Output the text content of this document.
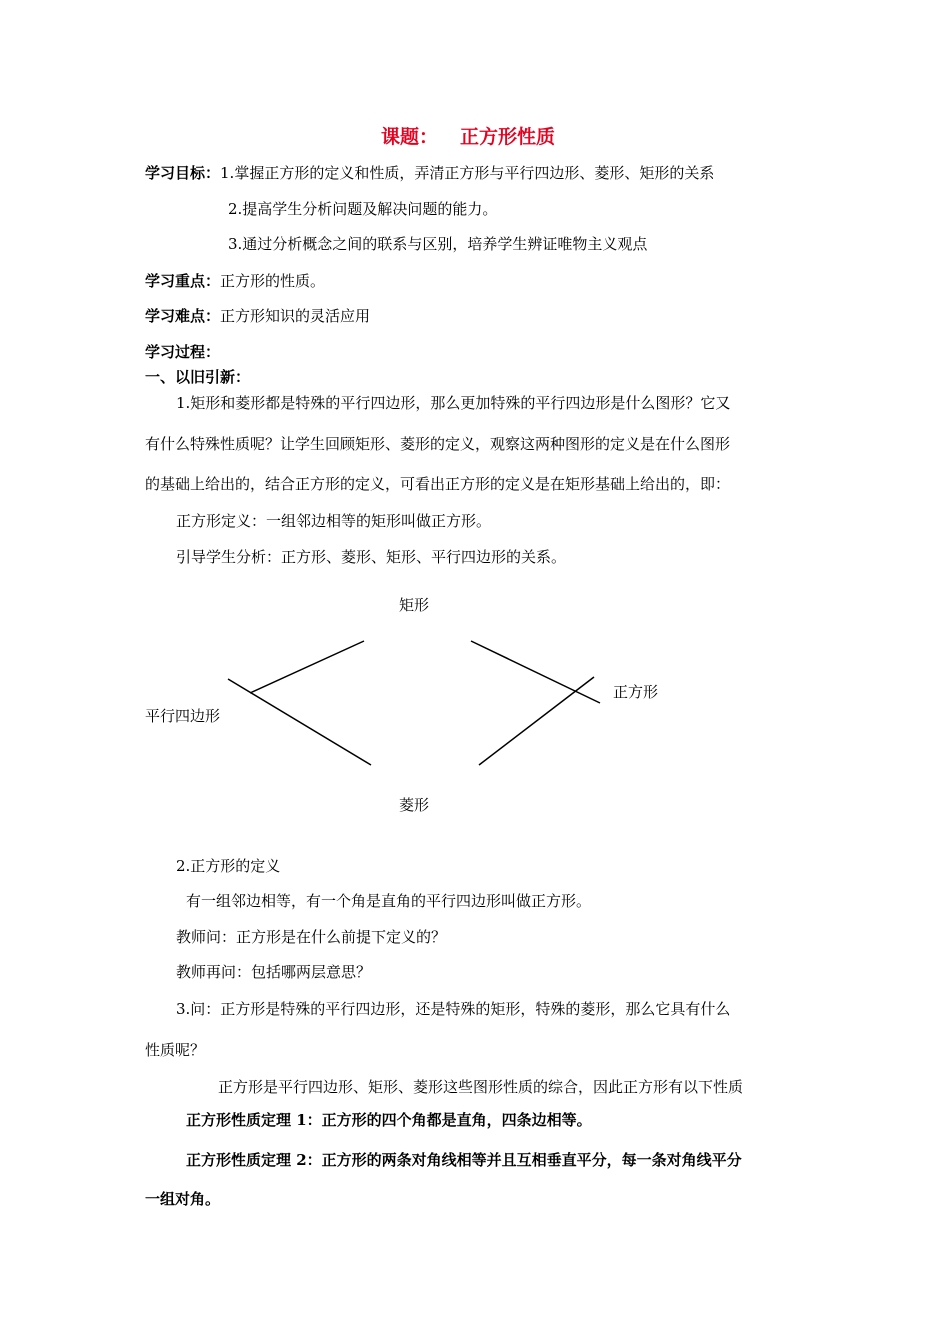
课题： 正方形性质
学习目标：1.掌握正方形的定义和性质，弄清正方形与平行四边形、菱形、矩形的关系
2.提高学生分析问题及解决问题的能力。
3.通过分析概念之间的联系与区别，培养学生辨证唯物主义观点
学习重点：正方形的性质。
学习难点：正方形知识的灵活应用
学习过程：
一、以旧引新：
1.矩形和菱形都是特殊的平行四边形，那么更加特殊的平行四边形是什么图形？它又
有什么特殊性质呢？让学生回顾矩形、菱形的定义，观察这两种图形的定义是在什么图形
的基础上给出的，结合正方形的定义，可看出正方形的定义是在矩形基础上给出的，即：
正方形定义：一组邻边相等的矩形叫做正方形。
引导学生分析：正方形、菱形、矩形、平行四边形的关系。
矩形
正方形
平行四边形
菱形
2.正方形的定义
有一组邻边相等，有一个角是直角的平行四边形叫做正方形。
教师问：正方形是在什么前提下定义的？
教师再问：包括哪两层意思？
3.问：正方形是特殊的平行四边形，还是特殊的矩形，特殊的菱形，那么它具有什么
性质呢？
正方形是平行四边形、矩形、菱形这些图形性质的综合，因此正方形有以下性质
正方形性质定理 1：正方形的四个角都是直角，四条边相等。
正方形性质定理 2：正方形的两条对角线相等并且互相垂直平分，每一条对角线平分
一组对角。
